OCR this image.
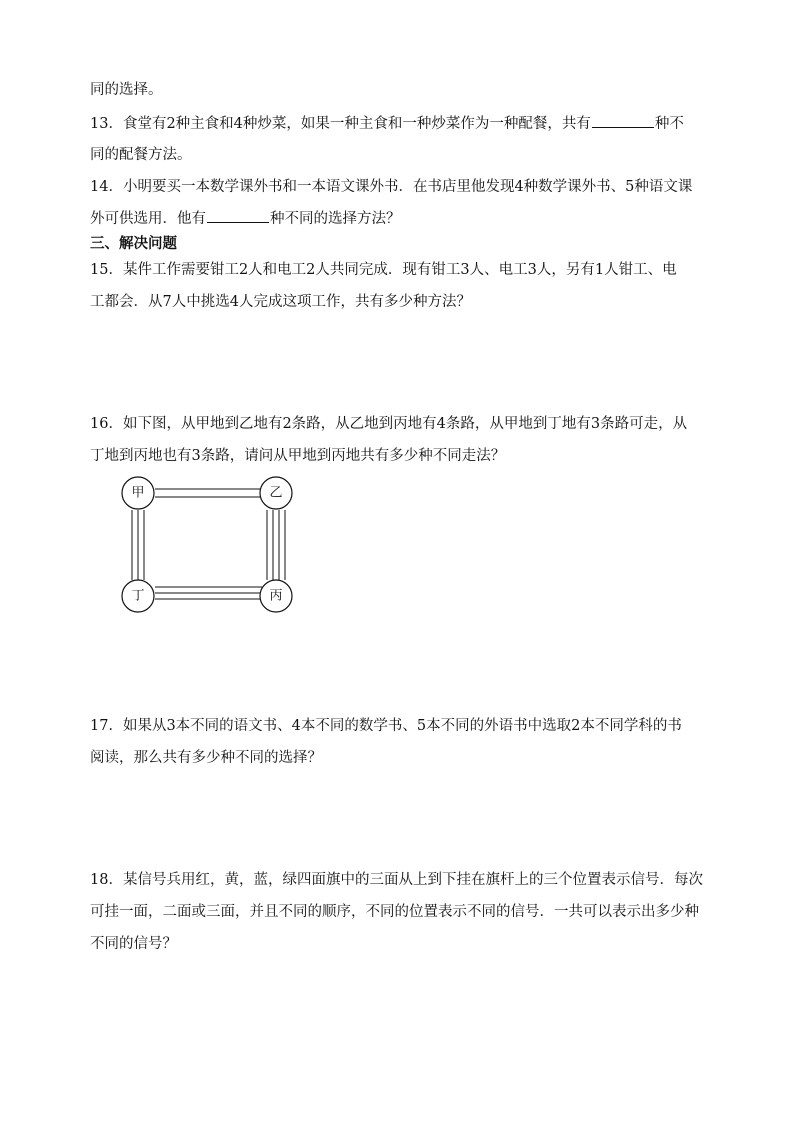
同的选择。
13．食堂有2种主食和4种炒菜，如果一种主食和一种炒菜作为一种配餐，共有	种不
同的配餐方法。
14．小明要买一本数学课外书和一本语文课外书．在书店里他发现4种数学课外书、5种语文课
外可供选用．他有	种不同的选择方法？
三、解决问题
15．某件工作需要钳工2人和电工2人共同完成．现有钳工3人、电工3人，另有1人钳工、电
工都会．从7人中挑选4人完成这项工作，共有多少种方法？
16．如下图，从甲地到乙地有2条路，从乙地到丙地有4条路，从甲地到丁地有3条路可走，从
丁地到丙地也有3条路，请问从甲地到丙地共有多少种不同走法？
甲	乙
丁	丙
17．如果从3本不同的语文书、4本不同的数学书、5本不同的外语书中选取2本不同学科的书
阅读，那么共有多少种不同的选择？
18．某信号兵用红，黄，蓝，绿四面旗中的三面从上到下挂在旗杆上的三个位置表示信号．每次
可挂一面，二面或三面，并且不同的顺序，不同的位置表示不同的信号．一共可以表示出多少种
不同的信号？
